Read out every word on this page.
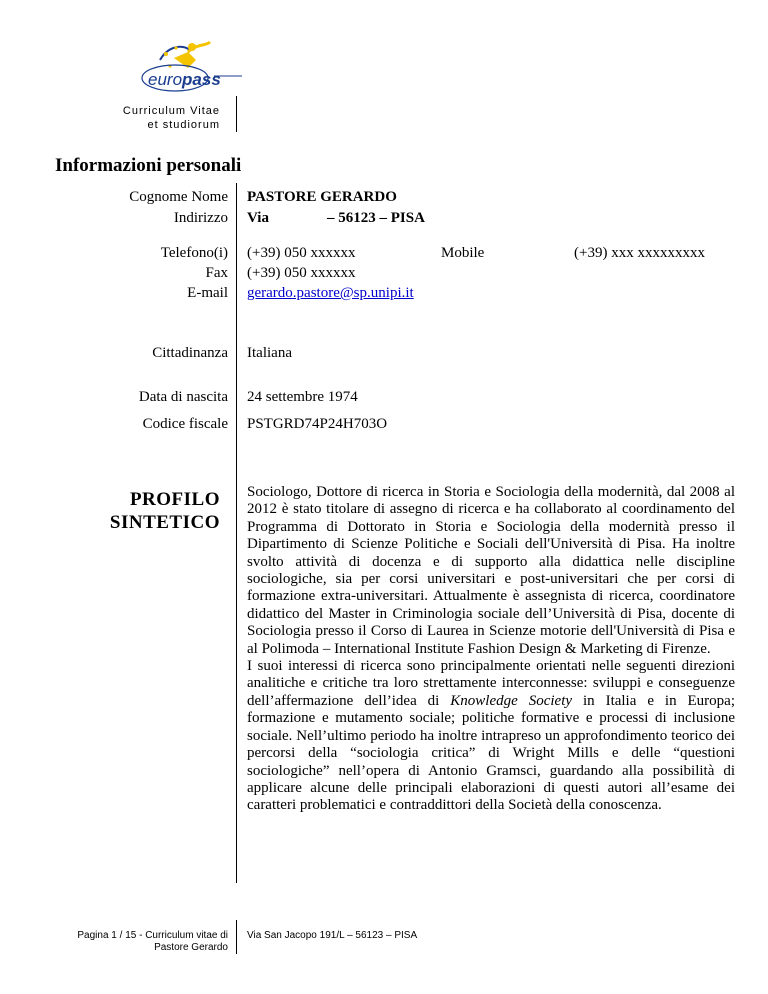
europass
Curriculum Vitae
et studiorum
Informazioni personali
Cognome Nome PASTORE GERARDO
Indirizzo Via	– 56123 – PISA
Telefono(i) (+39) 050 xxxxxx	Mobile	(+39) xxx xxxxxxxxx
Fax (+39) 050 xxxxxx
E-mail gerardo.pastore@sp.unipi.it
Cittadinanza Italiana
Data di nascita 24 settembre 1974
Codice fiscale PSTGRD74P24H703O
PROFILO
SINTETICO

Sociologo, Dottore di ricerca in Storia e Sociologia della modernità, dal 2008 al 2012 è stato titolare di assegno di ricerca e ha collaborato al coordinamento del Programma di Dottorato in Storia e Sociologia della modernità presso il Dipartimento di Scienze Politiche e Sociali dell'Università di Pisa. Ha inoltre svolto attività di docenza e di supporto alla didattica nelle discipline sociologiche, sia per corsi universitari e post-universitari che per corsi di formazione extra-universitari. Attualmente è assegnista di ricerca, coordinatore didattico del Master in Criminologia sociale dell’Università di Pisa, docente di Sociologia presso il Corso di Laurea in Scienze motorie dell'Università di Pisa e al Polimoda – International Institute Fashion Design & Marketing di Firenze.

I suoi interessi di ricerca sono principalmente orientati nelle seguenti direzioni analitiche e critiche tra loro strettamente interconnesse: sviluppi e conseguenze dell’affermazione dell’idea di Knowledge Society in Italia e in Europa; formazione e mutamento sociale; politiche formative e processi di inclusione sociale. Nell’ultimo periodo ha inoltre intrapreso un approfondimento teorico dei percorsi della “sociologia critica” di Wright Mills e delle “questioni sociologiche” nell’opera di Antonio Gramsci, guardando alla possibilità di applicare alcune delle principali elaborazioni di questi autori all’esame dei caratteri problematici e contraddittori della Società della conoscenza.

Pagina 1 / 15 - Curriculum vitae di
Pastore Gerardo
Via San Jacopo 191/L – 56123 – PISA
